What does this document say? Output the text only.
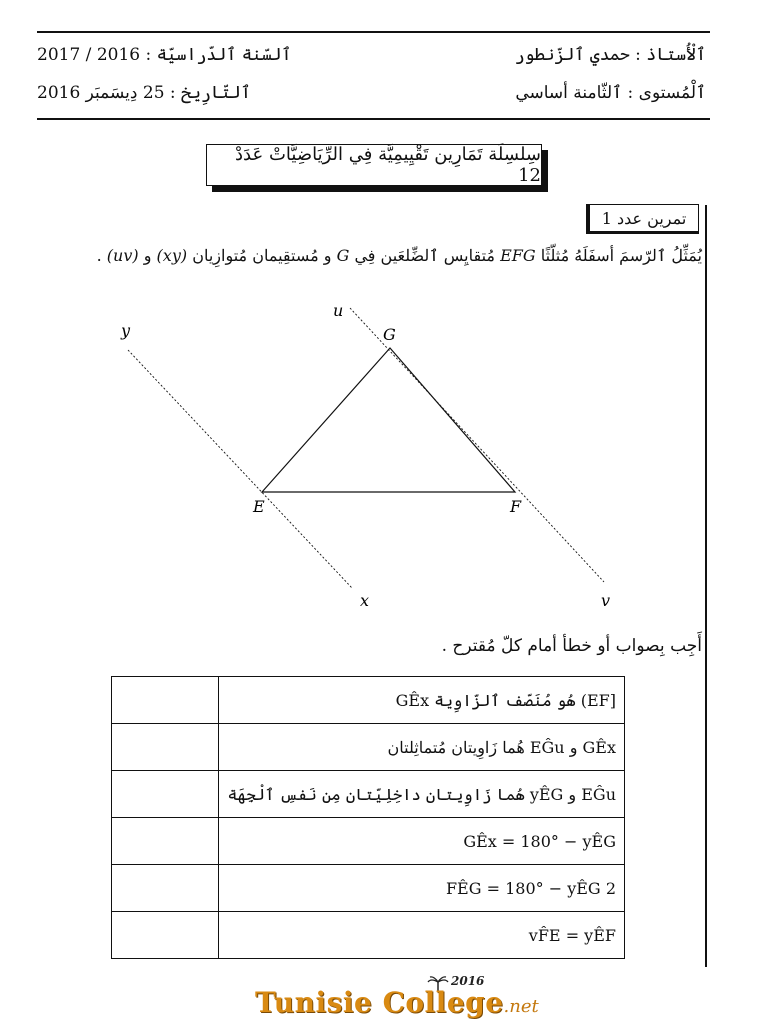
ٱلْأُستاذ : حمدي ٱلزّنطور
ٱلْمُستوى : ٱلثّامنة أساسي
ٱلسّنة ٱلدّراسيّة : 2016 / 2017
ٱلتّارِيخ : 25 دِيسَمبَر 2016
سِلسِلَة تَمَارِين تَقْيِيمِيَّة فِي الرِّيَاضِيَّاتْ عَدَدْ 12
تمرين عدد 1
يُمَثِّلُ ٱلرّسمَ أسفَلَهُ مُثلّثًا EFG مُتقايِس ٱلضِّلعَين فِي G و مُستقِيمان مُتوازِيان (xy) و (uv) .
u
y	G
E	F
x	v
أَجِب بِصواب أو خطأ أمام كلّ مُقترح .
	[EF) هُو مُنَصّف ٱلزّاوِية GÊx
	GÊx و EĜu هُما زَاوِيتان مُتماثِلتان
	EĜu و yÊG هُما زَاوِيتان داخِلِيّتان مِن نَفسِ ٱلْجِهَة
	GÊx = 180° − yÊG
	2 FÊG = 180° − yÊG
	vF̂E = yÊF
2016
Tunisie College.net
